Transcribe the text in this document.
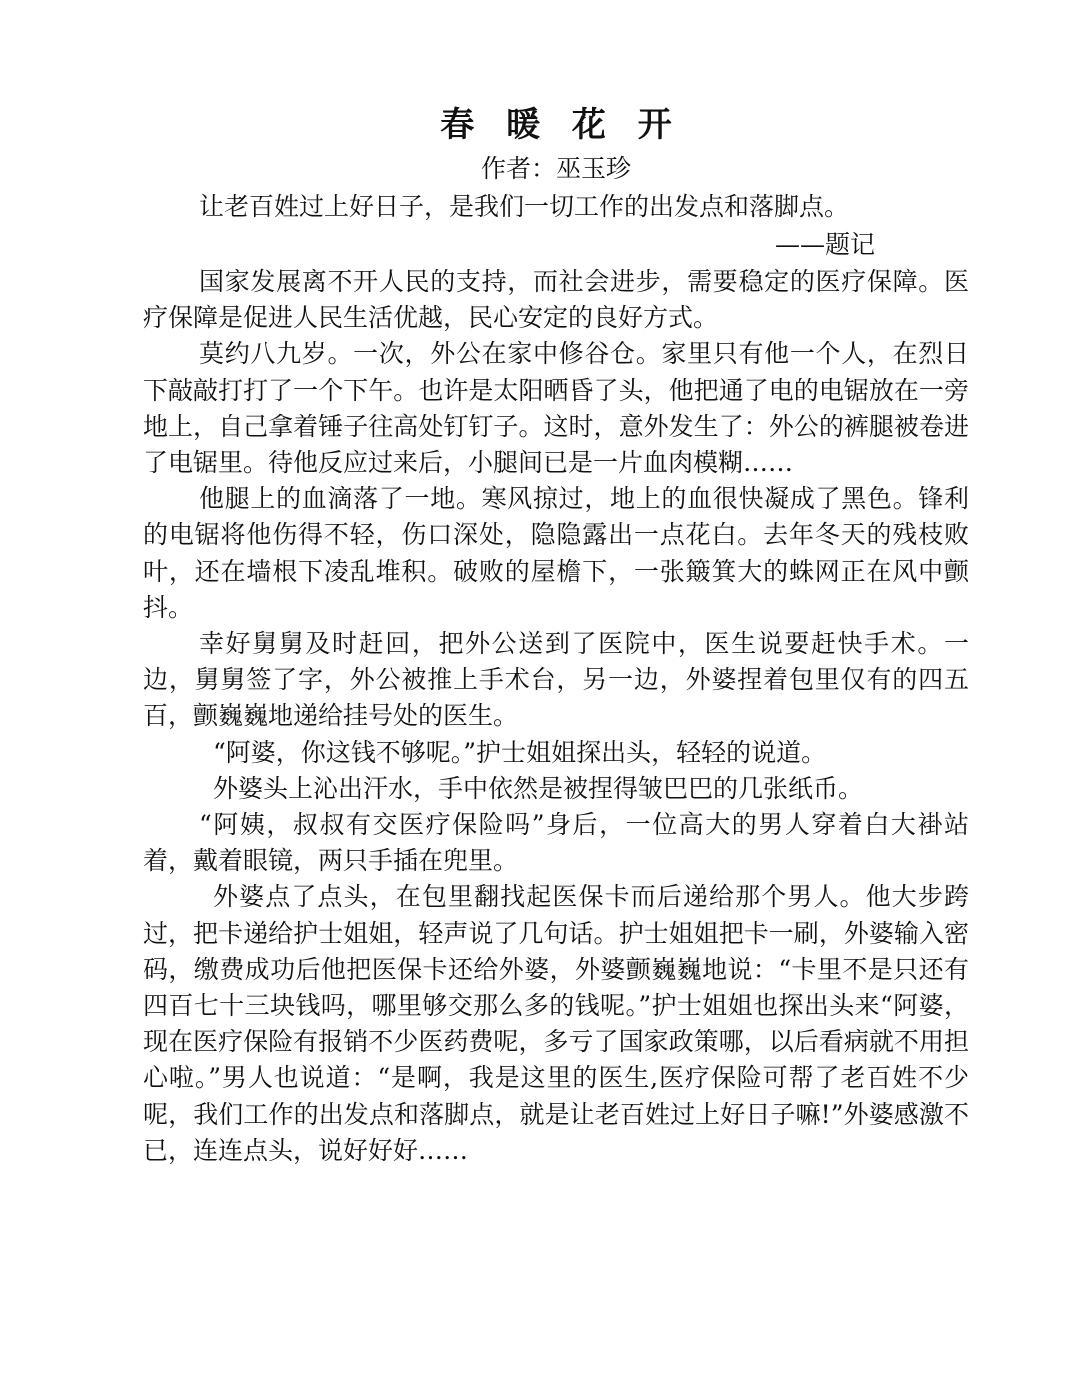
春 暖 花 开

作者：巫玉珍

让老百姓过上好日子，是我们一切工作的出发点和落脚点。

——题记

国家发展离不开人民的支持，而社会进步，需要稳定的医疗保障。医疗保障是促进人民生活优越，民心安定的良好方式。

莫约八九岁。一次，外公在家中修谷仓。家里只有他一个人，在烈日下敲敲打打了一个下午。也许是太阳晒昏了头，他把通了电的电锯放在一旁地上，自己拿着锤子往高处钉钉子。这时，意外发生了：外公的裤腿被卷进了电锯里。待他反应过来后，小腿间已是一片血肉模糊……

他腿上的血滴落了一地。寒风掠过，地上的血很快凝成了黑色。锋利的电锯将他伤得不轻，伤口深处，隐隐露出一点花白。去年冬天的残枝败叶，还在墙根下凌乱堆积。破败的屋檐下，一张簸箕大的蛛网正在风中颤抖。

幸好舅舅及时赶回，把外公送到了医院中，医生说要赶快手术。一边，舅舅签了字，外公被推上手术台，另一边，外婆捏着包里仅有的四五百，颤巍巍地递给挂号处的医生。

“阿婆，你这钱不够呢。”护士姐姐探出头，轻轻的说道。

外婆头上沁出汗水，手中依然是被捏得皱巴巴的几张纸币。

“阿姨，叔叔有交医疗保险吗”身后，一位高大的男人穿着白大褂站着，戴着眼镜，两只手插在兜里。

外婆点了点头，在包里翻找起医保卡而后递给那个男人。他大步跨过，把卡递给护士姐姐，轻声说了几句话。护士姐姐把卡一刷，外婆输入密码，缴费成功后他把医保卡还给外婆，外婆颤巍巍地说：“卡里不是只还有四百七十三块钱吗，哪里够交那么多的钱呢。”护士姐姐也探出头来“阿婆，现在医疗保险有报销不少医药费呢，多亏了国家政策哪，以后看病就不用担心啦。”男人也说道：“是啊，我是这里的医生,医疗保险可帮了老百姓不少呢，我们工作的出发点和落脚点，就是让老百姓过上好日子嘛!”外婆感激不已，连连点头，说好好好……
